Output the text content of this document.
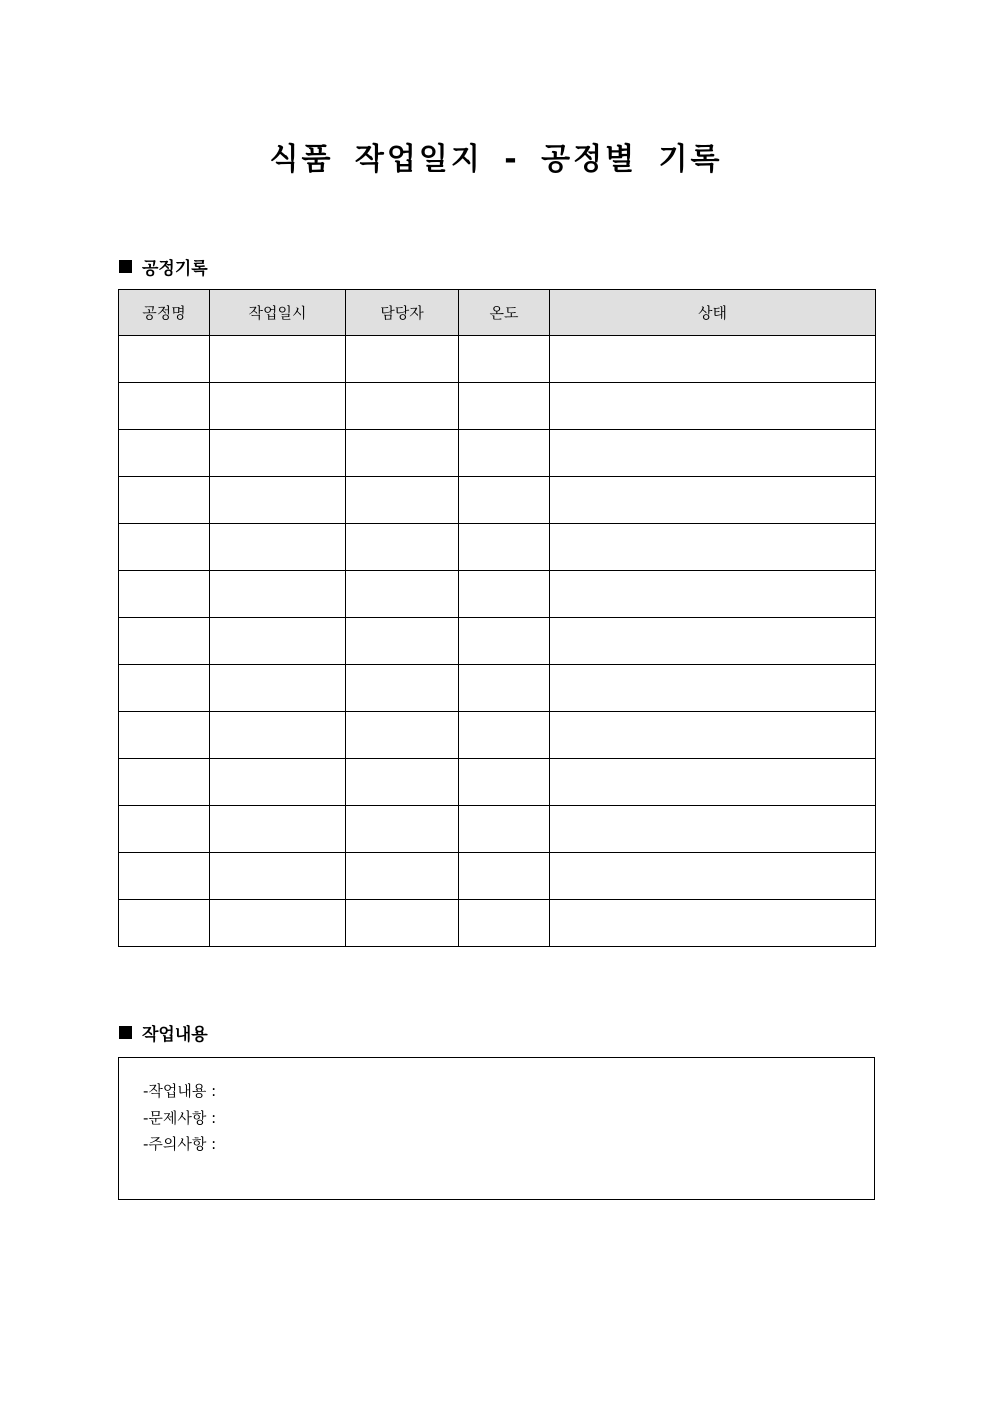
식품 작업일지 - 공정별 기록
공정기록
공정명	작업일시	담당자	온도	상태

작업내용
-작업내용 :
-문제사항 :
-주의사항 :
